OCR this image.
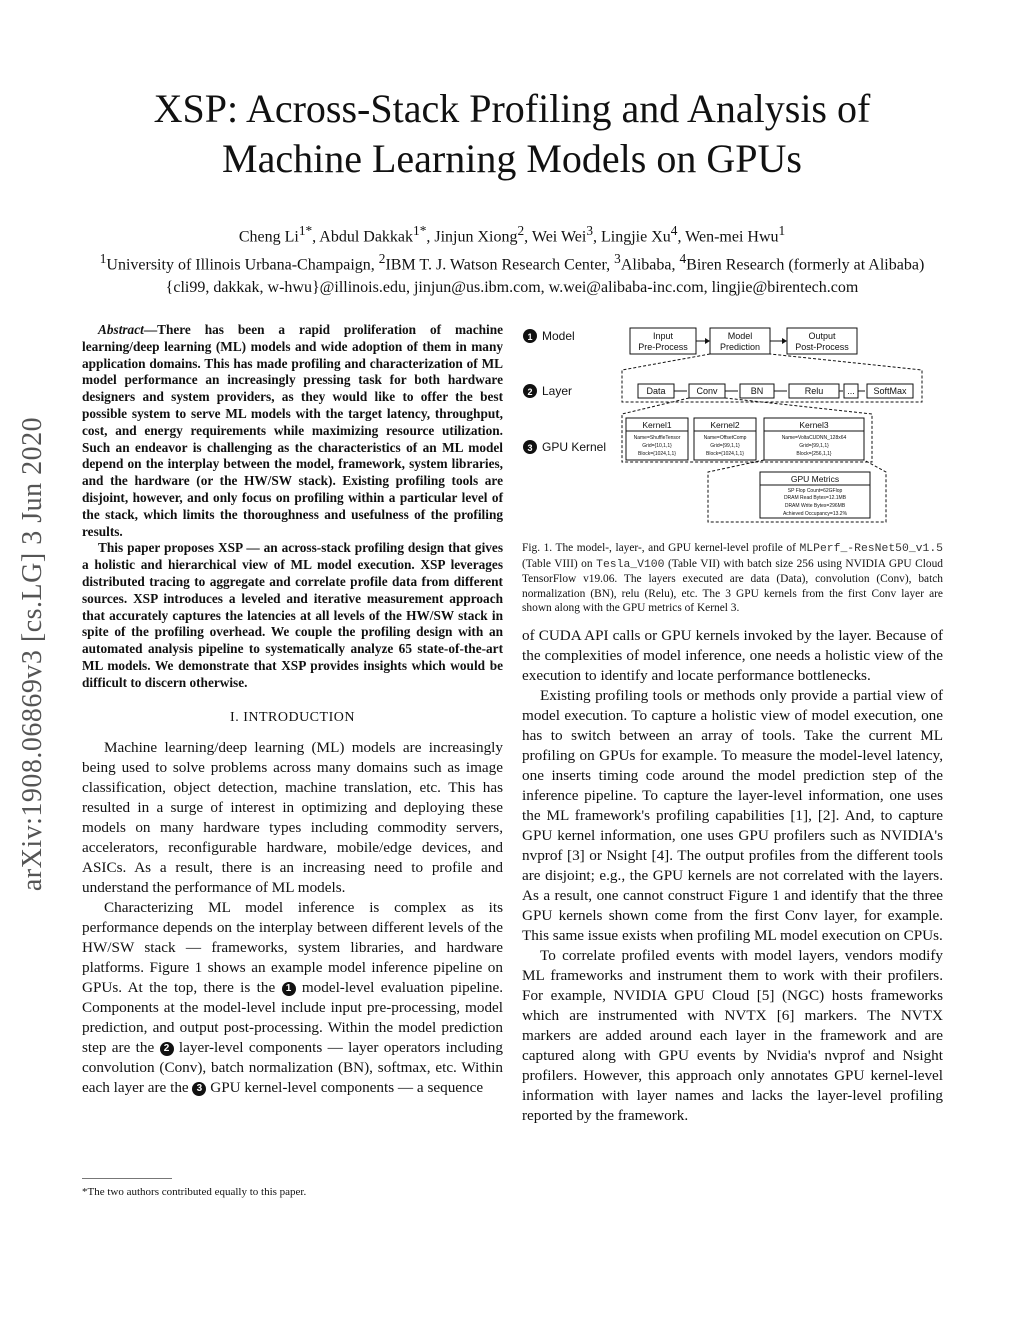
arXiv:1908.06869v3 [cs.LG] 3 Jun 2020
XSP: Across-Stack Profiling and Analysis of
Machine Learning Models on GPUs
Cheng $Li^{1*}$, Abdul Dakkak$^{1*}$, Jinjun Xiong$^2$, Wei Wei$^3$, Lingjie Xu$^4$, Wen-mei Hwu$^1$
$^1$University of Illinois Urbana-Champaign, $^2$IBM T. J. Watson Research Center, $^3$Alibaba, $^4$Biren Research (formerly at Alibaba)
{cli99, dakkak, w-hwu}@illinois.edu, jinjun@us.ibm.com, w.wei@alibaba-inc.com, lingjie@birentech.com

Abstract—There has been a rapid proliferation of machine learning/deep learning (ML) models and wide adoption of them in many application domains. This has made profiling and characterization of ML model performance an increasingly pressing task for both hardware designers and system providers, as they would like to offer the best possible system to serve ML models with the target latency, throughput, cost, and energy requirements while maximizing resource utilization. Such an endeavor is challenging as the characteristics of an ML model depend on the interplay between the model, framework, system libraries, and the hardware (or the HW/SW stack). Existing profiling tools are disjoint, however, and only focus on profiling within a particular level of the stack, which limits the thoroughness and usefulness of the profiling results.

This paper proposes XSP — an across-stack profiling design that gives a holistic and hierarchical view of ML model execution. XSP leverages distributed tracing to aggregate and correlate profile data from different sources. XSP introduces a leveled and iterative measurement approach that accurately captures the latencies at all levels of the HW/SW stack in spite of the profiling overhead. We couple the profiling design with an automated analysis pipeline to systematically analyze 65 state-of-the-art ML models. We demonstrate that XSP provides insights which would be difficult to discern otherwise.

I. INTRODUCTION

Machine learning/deep learning (ML) models are increasingly being used to solve problems across many domains such as image classification, object detection, machine translation, etc. This has resulted in a surge of interest in optimizing and deploying these models on many hardware types including commodity servers, accelerators, reconfigurable hardware, mobile/edge devices, and ASICs. As a result, there is an increasing need to profile and understand the performance of ML models.

Characterizing ML model inference is complex as its performance depends on the interplay between different levels of the HW/SW stack — frameworks, system libraries, and hardware platforms. Figure 1 shows an example model inference pipeline on GPUs. At the top, there is the 1 model-level evaluation pipeline. Components at the model-level include input pre-processing, model prediction, and output post-processing. Within the model prediction step are the 2 layer-level components — layer operators including convolution (Conv), batch normalization (BN), softmax, etc. Within each layer are the 3 GPU kernel-level components — a sequence

*The two authors contributed equally to this paper.
1 Model
2 Layer
3 GPU Kernel
Input
Pre-Process
Model
Prediction
Output
Post-Process
Data	Conv	BN	Relu	... SoftMax
Kernel1
Name=ShuffleTensor
Grid={10,1,1}
Block={1024,1,1}
Kernel2
Name=OffsetComp
Grid={99,1,1}
Block={1024,1,1}
Kernel3
Name=VoltaCUDNN_128x64
Grid={99,1,1}
Block={256,1,1}
GPU Metrics
SP Flop Count=62GFlop
DRAM Read Bytes=12.1MB
DRAM Write Bytes=296MB
Achieved Occupancy=13.2%
Fig. 1. The model-, layer-, and GPU kernel-level profile of MLPerf_-ResNet50_v1.5 (Table VIII) on Tesla_V100 (Table VII) with batch size 256 using NVIDIA GPU Cloud TensorFlow v19.06. The layers executed are data (Data), convolution (Conv), batch normalization (BN), relu (Relu), etc. The 3 GPU kernels from the first Conv layer are shown along with the GPU metrics of Kernel 3.

of CUDA API calls or GPU kernels invoked by the layer. Because of the complexities of model inference, one needs a holistic view of the execution to identify and locate performance bottlenecks.

Existing profiling tools or methods only provide a partial view of model execution. To capture a holistic view of model execution, one has to switch between an array of tools. Take the current ML profiling on GPUs for example. To measure the model-level latency, one inserts timing code around the model prediction step of the inference pipeline. To capture the layer-level information, one uses the ML framework's profiling capabilities [1], [2]. And, to capture GPU kernel information, one uses GPU profilers such as NVIDIA's nvprof [3] or Nsight [4]. The output profiles from the different tools are disjoint; e.g., the GPU kernels are not correlated with the layers. As a result, one cannot construct Figure 1 and identify that the three GPU kernels shown come from the first Conv layer, for example. This same issue exists when profiling ML model execution on CPUs.

To correlate profiled events with model layers, vendors modify ML frameworks and instrument them to work with their profilers. For example, NVIDIA GPU Cloud [5] (NGC) hosts frameworks which are instrumented with NVTX [6] markers. The NVTX markers are added around each layer in the framework and are captured along with GPU events by Nvidia's nvprof and Nsight profilers. However, this approach only annotates GPU kernel-level information with layer names and lacks the layer-level profiling reported by the framework.
